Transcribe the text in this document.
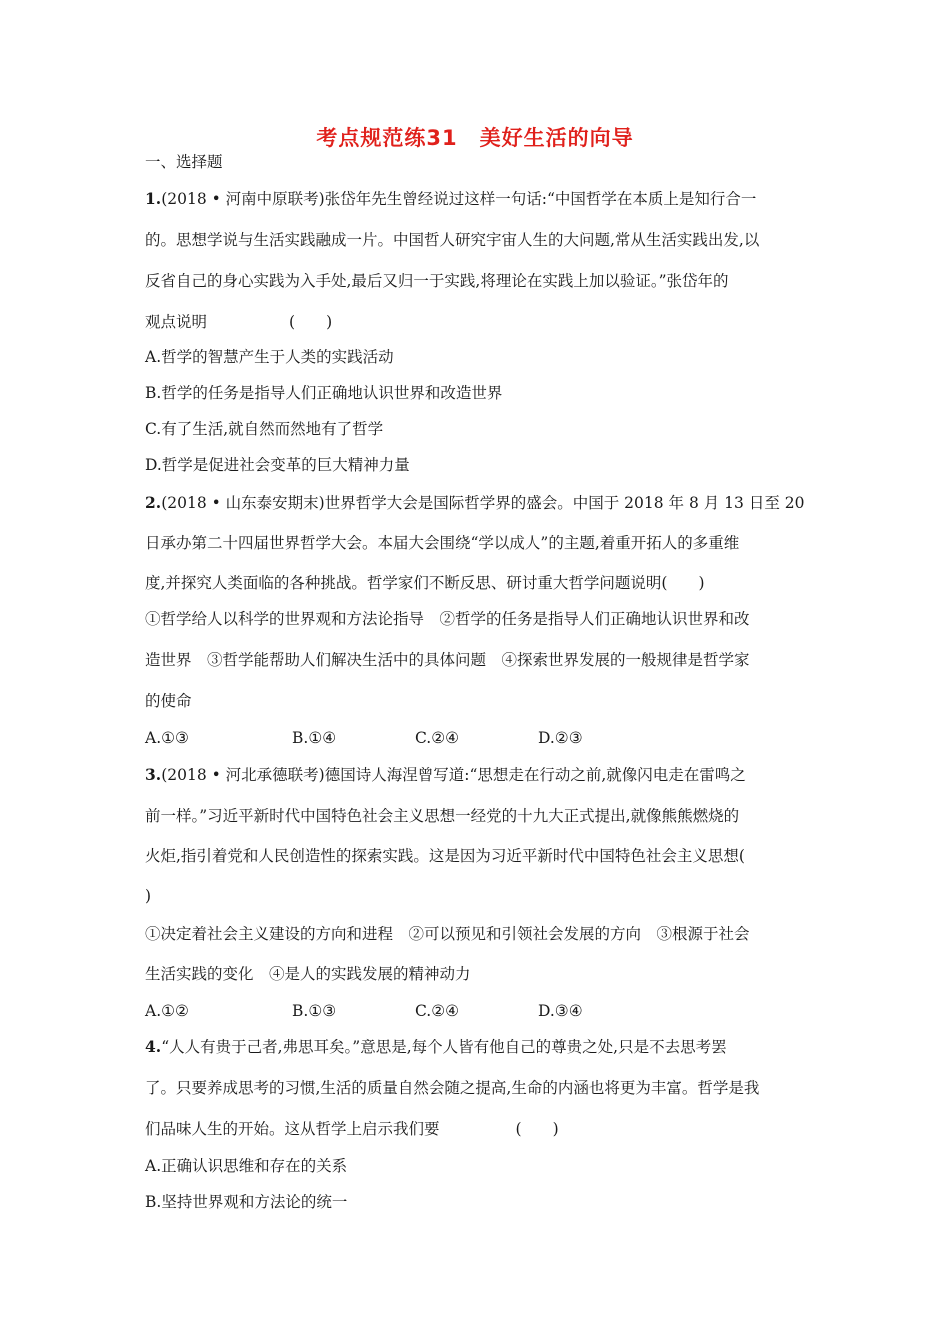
考点规范练31　美好生活的向导
一、选择题
1.(2018 • 河南中原联考)张岱年先生曾经说过这样一句话:“中国哲学在本质上是知行合一
的。思想学说与生活实践融成一片。中国哲人研究宇宙人生的大问题,常从生活实践出发,以
反省自己的身心实践为入手处,最后又归一于实践,将理论在实践上加以验证。”张岱年的
观点说明	(　　)
A.哲学的智慧产生于人类的实践活动
B.哲学的任务是指导人们正确地认识世界和改造世界
C.有了生活,就自然而然地有了哲学
D.哲学是促进社会变革的巨大精神力量
2.(2018 • 山东泰安期末)世界哲学大会是国际哲学界的盛会。中国于 2018 年 8 月 13 日至 20
日承办第二十四届世界哲学大会。本届大会围绕“学以成人”的主题,着重开拓人的多重维
度,并探究人类面临的各种挑战。哲学家们不断反思、研讨重大哲学问题说明(　　)
①哲学给人以科学的世界观和方法论指导　②哲学的任务是指导人们正确地认识世界和改
造世界　③哲学能帮助人们解决生活中的具体问题　④探索世界发展的一般规律是哲学家
的使命
A.①③	B.①④	C.②④	D.②③
3.(2018 • 河北承德联考)德国诗人海涅曾写道:“思想走在行动之前,就像闪电走在雷鸣之
前一样。”习近平新时代中国特色社会主义思想一经党的十九大正式提出,就像熊熊燃烧的
火炬,指引着党和人民创造性的探索实践。这是因为习近平新时代中国特色社会主义思想(
)
①决定着社会主义建设的方向和进程　②可以预见和引领社会发展的方向　③根源于社会
生活实践的变化　④是人的实践发展的精神动力
A.①②	B.①③	C.②④	D.③④
4.“人人有贵于己者,弗思耳矣。”意思是,每个人皆有他自己的尊贵之处,只是不去思考罢
了。只要养成思考的习惯,生活的质量自然会随之提高,生命的内涵也将更为丰富。哲学是我
们品味人生的开始。这从哲学上启示我们要	(　　)
A.正确认识思维和存在的关系
B.坚持世界观和方法论的统一
